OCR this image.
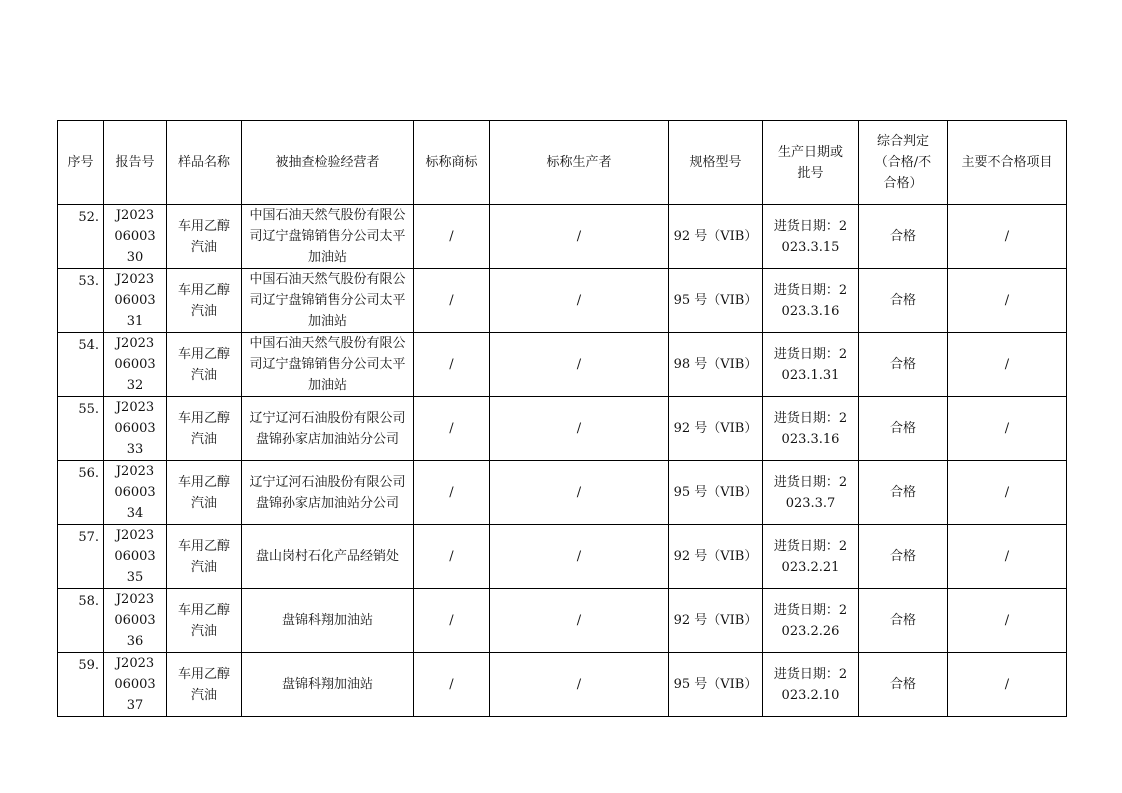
序号	报告号	样品名称	被抽查检验经营者	标称商标	标称生产者	规格型号	生产日期或批号	综合判定（合格/不合格）	主要不合格项目
52.	J20230600330	车用乙醇汽油	中国石油天然气股份有限公司辽宁盘锦销售分公司太平加油站	/	/	92 号（VIB）	进货日期：2023.3.15	合格	/
53.	J20230600331	车用乙醇汽油	中国石油天然气股份有限公司辽宁盘锦销售分公司太平加油站	/	/	95 号（VIB）	进货日期：2023.3.16	合格	/
54.	J20230600332	车用乙醇汽油	中国石油天然气股份有限公司辽宁盘锦销售分公司太平加油站	/	/	98 号（VIB）	进货日期：2023.1.31	合格	/
55.	J20230600333	车用乙醇汽油	辽宁辽河石油股份有限公司盘锦孙家店加油站分公司	/	/	92 号（VIB）	进货日期：2023.3.16	合格	/
56.	J20230600334	车用乙醇汽油	辽宁辽河石油股份有限公司盘锦孙家店加油站分公司	/	/	95 号（VIB）	进货日期：2023.3.7	合格	/
57.	J20230600335	车用乙醇汽油	盘山岗村石化产品经销处	/	/	92 号（VIB）	进货日期：2023.2.21	合格	/
58.	J20230600336	车用乙醇汽油	盘锦科翔加油站	/	/	92 号（VIB）	进货日期：2023.2.26	合格	/
59.	J20230600337	车用乙醇汽油	盘锦科翔加油站	/	/	95 号（VIB）	进货日期：2023.2.10	合格	/
